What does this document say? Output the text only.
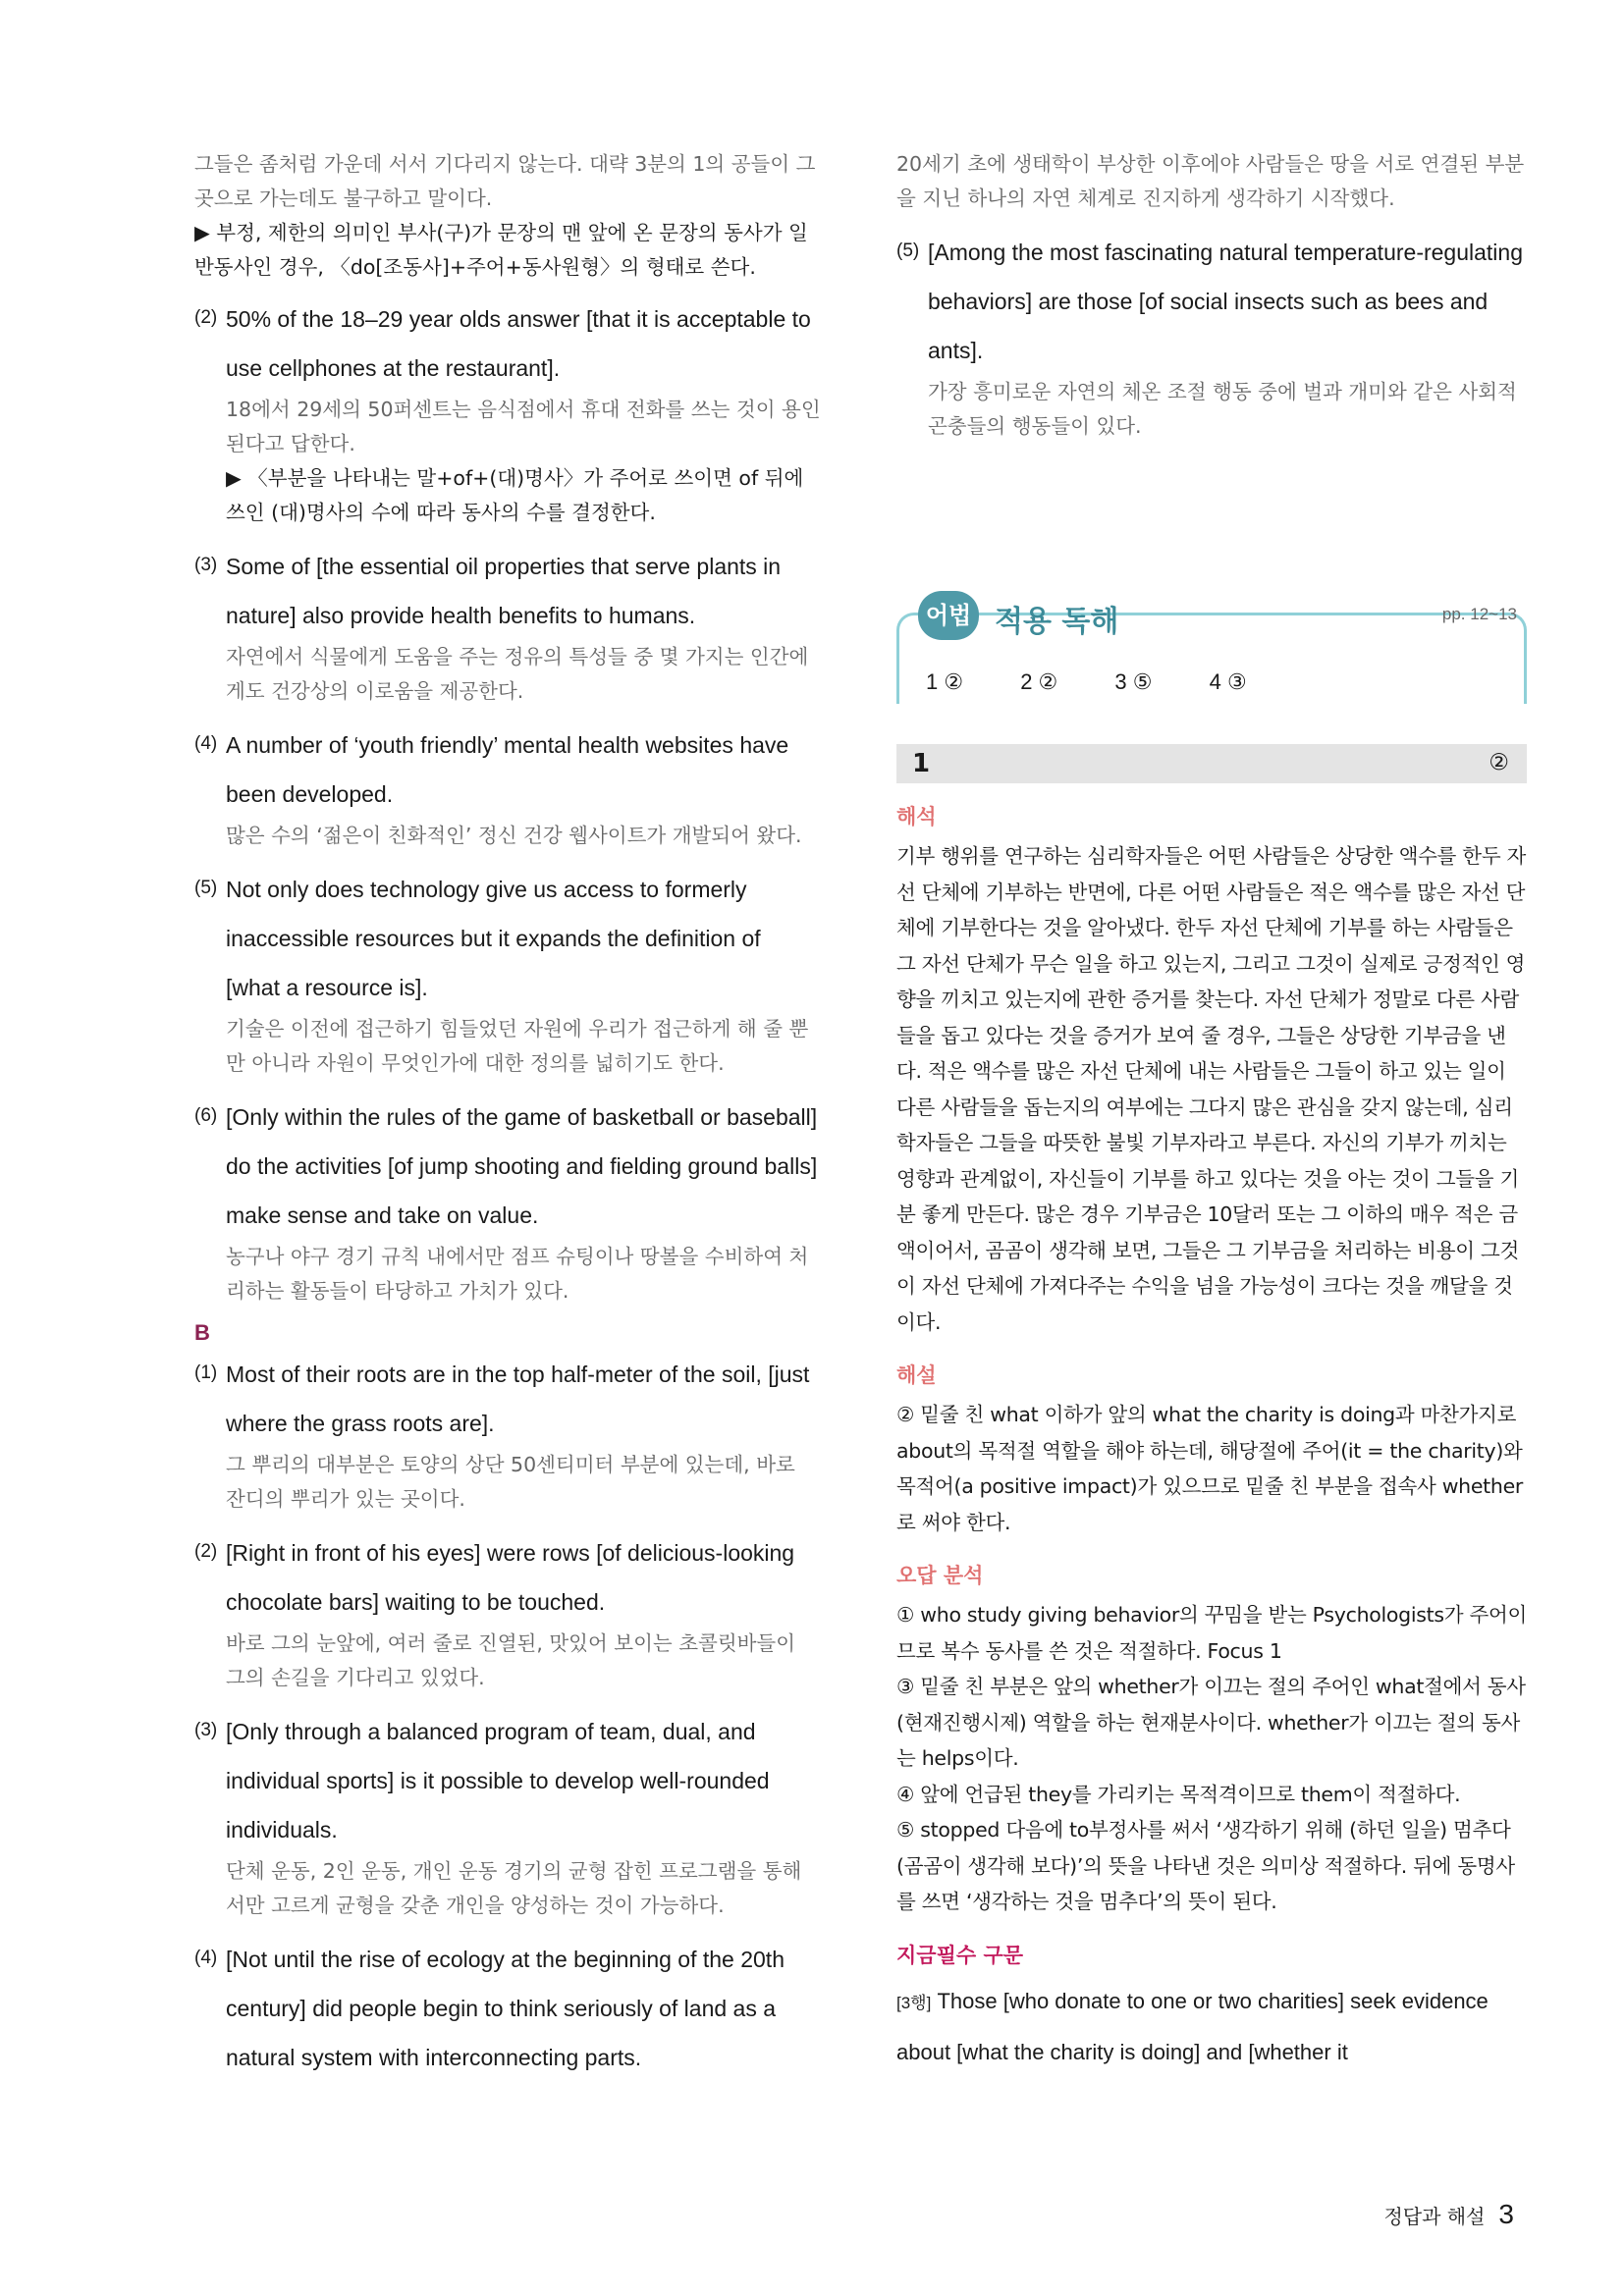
그들은 좀처럼 가운데 서서 기다리지 않는다. 대략 3분의 1의 공들이 그곳으로 가는데도 불구하고 말이다.

▶ 부정, 제한의 의미인 부사(구)가 문장의 맨 앞에 온 문장의 동사가 일반동사인 경우, 〈do[조동사]+주어+동사원형〉의 형태로 쓴다.

(2) 50% of the 18–29 year olds answer [that it is acceptable to use cellphones at the restaurant].

18에서 29세의 50퍼센트는 음식점에서 휴대 전화를 쓰는 것이 용인된다고 답한다.

▶ 〈부분을 나타내는 말+of+(대)명사〉가 주어로 쓰이면 of 뒤에 쓰인 (대)명사의 수에 따라 동사의 수를 결정한다.

(3) Some of [the essential oil properties that serve plants in nature] also provide health benefits to humans.

자연에서 식물에게 도움을 주는 정유의 특성들 중 몇 가지는 인간에게도 건강상의 이로움을 제공한다.

(4) A number of ‘youth friendly’ mental health websites have been developed.

많은 수의 ‘젊은이 친화적인’ 정신 건강 웹사이트가 개발되어 왔다.

(5) Not only does technology give us access to formerly inaccessible resources but it expands the definition of [what a resource is].

기술은 이전에 접근하기 힘들었던 자원에 우리가 접근하게 해 줄 뿐만 아니라 자원이 무엇인가에 대한 정의를 넓히기도 한다.

(6) [Only within the rules of the game of basketball or baseball] do the activities [of jump shooting and fielding ground balls] make sense and take on value.

농구나 야구 경기 규칙 내에서만 점프 슈팅이나 땅볼을 수비하여 처리하는 활동들이 타당하고 가치가 있다.

B
(1) Most of their roots are in the top half-meter of the soil, [just where the grass roots are].

그 뿌리의 대부분은 토양의 상단 50센티미터 부분에 있는데, 바로 잔디의 뿌리가 있는 곳이다.

(2) [Right in front of his eyes] were rows [of delicious-looking chocolate bars] waiting to be touched.

바로 그의 눈앞에, 여러 줄로 진열된, 맛있어 보이는 초콜릿바들이 그의 손길을 기다리고 있었다.

(3) [Only through a balanced program of team, dual, and individual sports] is it possible to develop well-rounded individuals.

단체 운동, 2인 운동, 개인 운동 경기의 균형 잡힌 프로그램을 통해서만 고르게 균형을 갖춘 개인을 양성하는 것이 가능하다.

(4) [Not until the rise of ecology at the beginning of the 20th century] did people begin to think seriously of land as a natural system with interconnecting parts.

20세기 초에 생태학이 부상한 이후에야 사람들은 땅을 서로 연결된 부분을 지닌 하나의 자연 체계로 진지하게 생각하기 시작했다.

(5) [Among the most fascinating natural temperature-regulating behaviors] are those [of social insects such as bees and ants].

가장 흥미로운 자연의 체온 조절 행동 중에 벌과 개미와 같은 사회적 곤충들의 행동들이 있다.

어법 적용 독해	pp. 12~13
1 ②	2 ②	3 ⑤	4 ③
1	②
해석

기부 행위를 연구하는 심리학자들은 어떤 사람들은 상당한 액수를 한두 자선 단체에 기부하는 반면에, 다른 어떤 사람들은 적은 액수를 많은 자선 단체에 기부한다는 것을 알아냈다. 한두 자선 단체에 기부를 하는 사람들은 그 자선 단체가 무슨 일을 하고 있는지, 그리고 그것이 실제로 긍정적인 영향을 끼치고 있는지에 관한 증거를 찾는다. 자선 단체가 정말로 다른 사람들을 돕고 있다는 것을 증거가 보여 줄 경우, 그들은 상당한 기부금을 낸다. 적은 액수를 많은 자선 단체에 내는 사람들은 그들이 하고 있는 일이 다른 사람들을 돕는지의 여부에는 그다지 많은 관심을 갖지 않는데, 심리학자들은 그들을 따뜻한 불빛 기부자라고 부른다. 자신의 기부가 끼치는 영향과 관계없이, 자신들이 기부를 하고 있다는 것을 아는 것이 그들을 기분 좋게 만든다. 많은 경우 기부금은 10달러 또는 그 이하의 매우 적은 금액이어서, 곰곰이 생각해 보면, 그들은 그 기부금을 처리하는 비용이 그것이 자선 단체에 가져다주는 수익을 넘을 가능성이 크다는 것을 깨달을 것이다.

해설

② 밑줄 친 what 이하가 앞의 what the charity is doing과 마찬가지로 about의 목적절 역할을 해야 하는데, 해당절에 주어(it = the charity)와 목적어(a positive impact)가 있으므로 밑줄 친 부분을 접속사 whether로 써야 한다.

오답 분석

① who study giving behavior의 꾸밈을 받는 Psychologists가 주어이므로 복수 동사를 쓴 것은 적절하다. Focus 1

③ 밑줄 친 부분은 앞의 whether가 이끄는 절의 주어인 what절에서 동사(현재진행시제) 역할을 하는 현재분사이다. whether가 이끄는 절의 동사는 helps이다.

④ 앞에 언급된 they를 가리키는 목적격이므로 them이 적절하다.

⑤ stopped 다음에 to부정사를 써서 ‘생각하기 위해 (하던 일을) 멈추다(곰곰이 생각해 보다)’의 뜻을 나타낸 것은 의미상 적절하다. 뒤에 동명사를 쓰면 ‘생각하는 것을 멈추다’의 뜻이 된다.

지금필수 구문

[3행] Those [who donate to one or two charities] seek evidence about [what the charity is doing] and [whether it

정답과 해설 3
